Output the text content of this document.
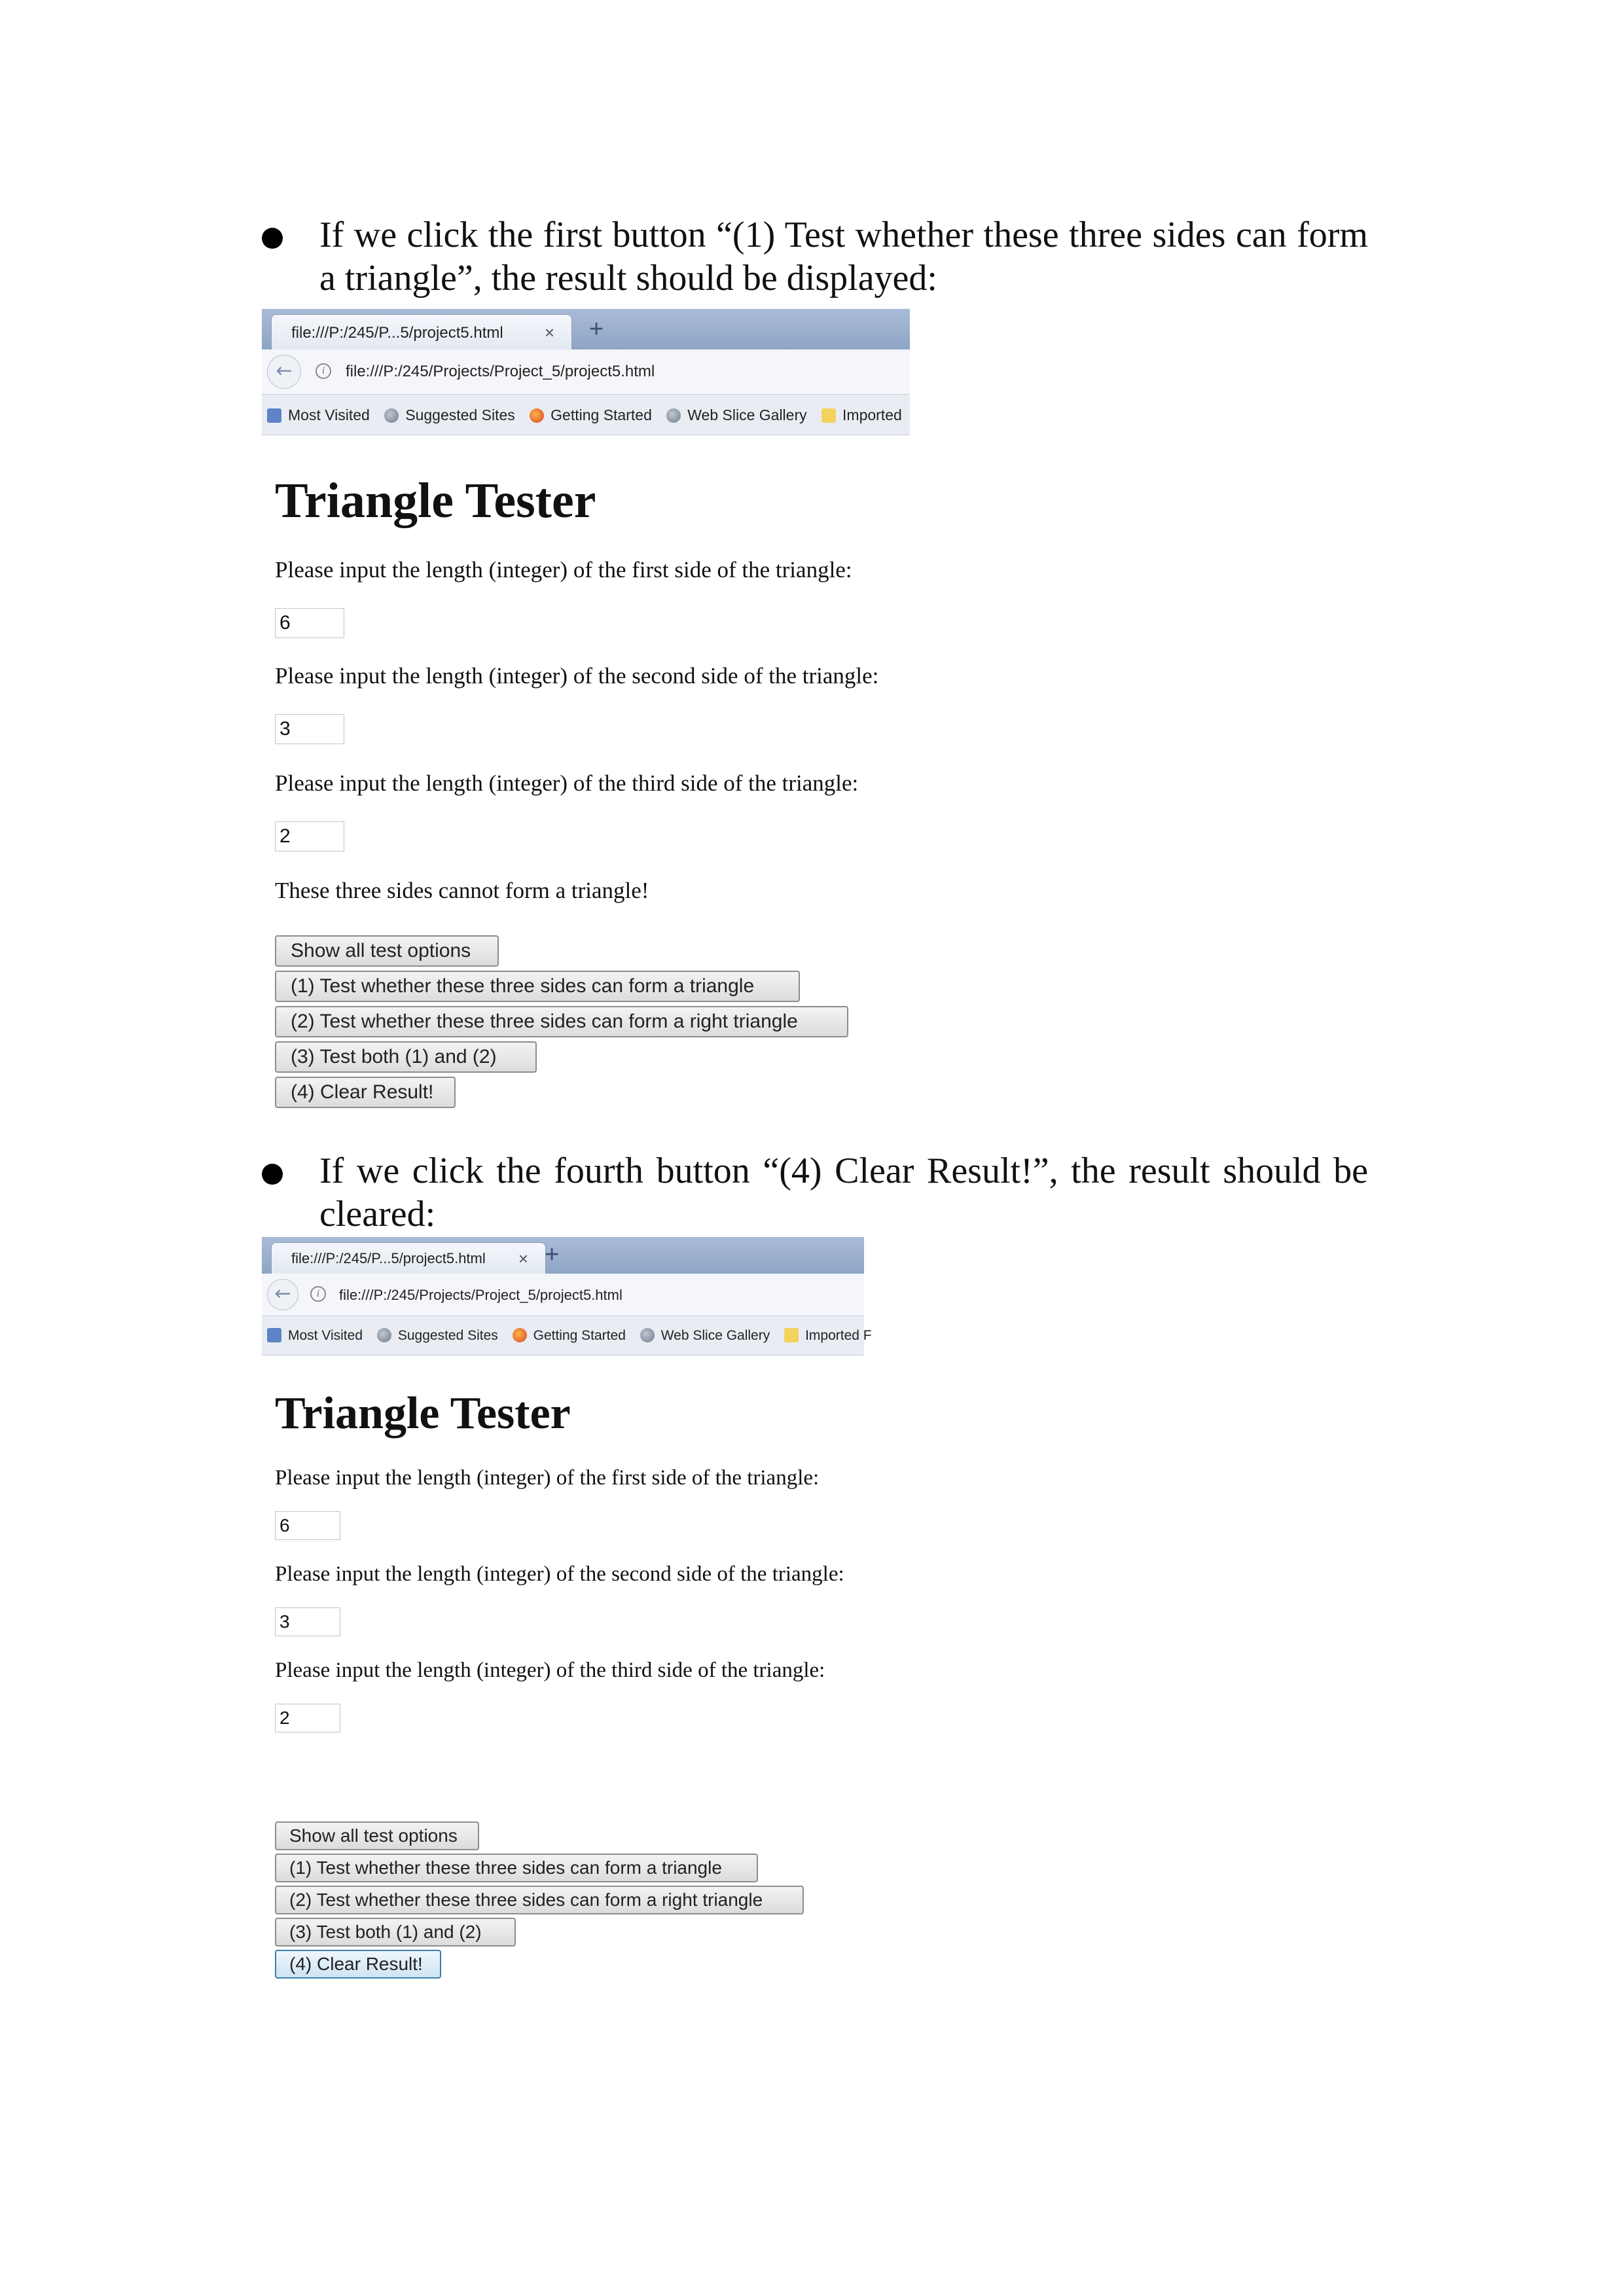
If we click the first button “(1) Test whether these three sides can form a triangle”, the result should be displayed:
file:///P:/245/P...5/project5.html × +
←	i	file:///P:/245/Projects/Project_5/project5.html
Most Visited Suggested Sites Getting Started Web Slice Gallery Imported
Triangle Tester

Please input the length (integer) of the first side of the triangle:

6

Please input the length (integer) of the second side of the triangle:

3

Please input the length (integer) of the third side of the triangle:

2
These three sides cannot form a triangle!
Show all test options
(1) Test whether these three sides can form a triangle
(2) Test whether these three sides can form a right triangle
(3) Test both (1) and (2)
(4) Clear Result!
If we click the fourth button “(4) Clear Result!”, the result should be cleared:
file:///P:/245/P...5/project5.html × +
←	i	file:///P:/245/Projects/Project_5/project5.html
Most Visited	Suggested Sites	Getting Started	Web Slice Gallery	Imported F
Triangle Tester

Please input the length (integer) of the first side of the triangle:

6

Please input the length (integer) of the second side of the triangle:

3

Please input the length (integer) of the third side of the triangle:

2
Show all test options
(1) Test whether these three sides can form a triangle
(2) Test whether these three sides can form a right triangle
(3) Test both (1) and (2)
(4) Clear Result!
